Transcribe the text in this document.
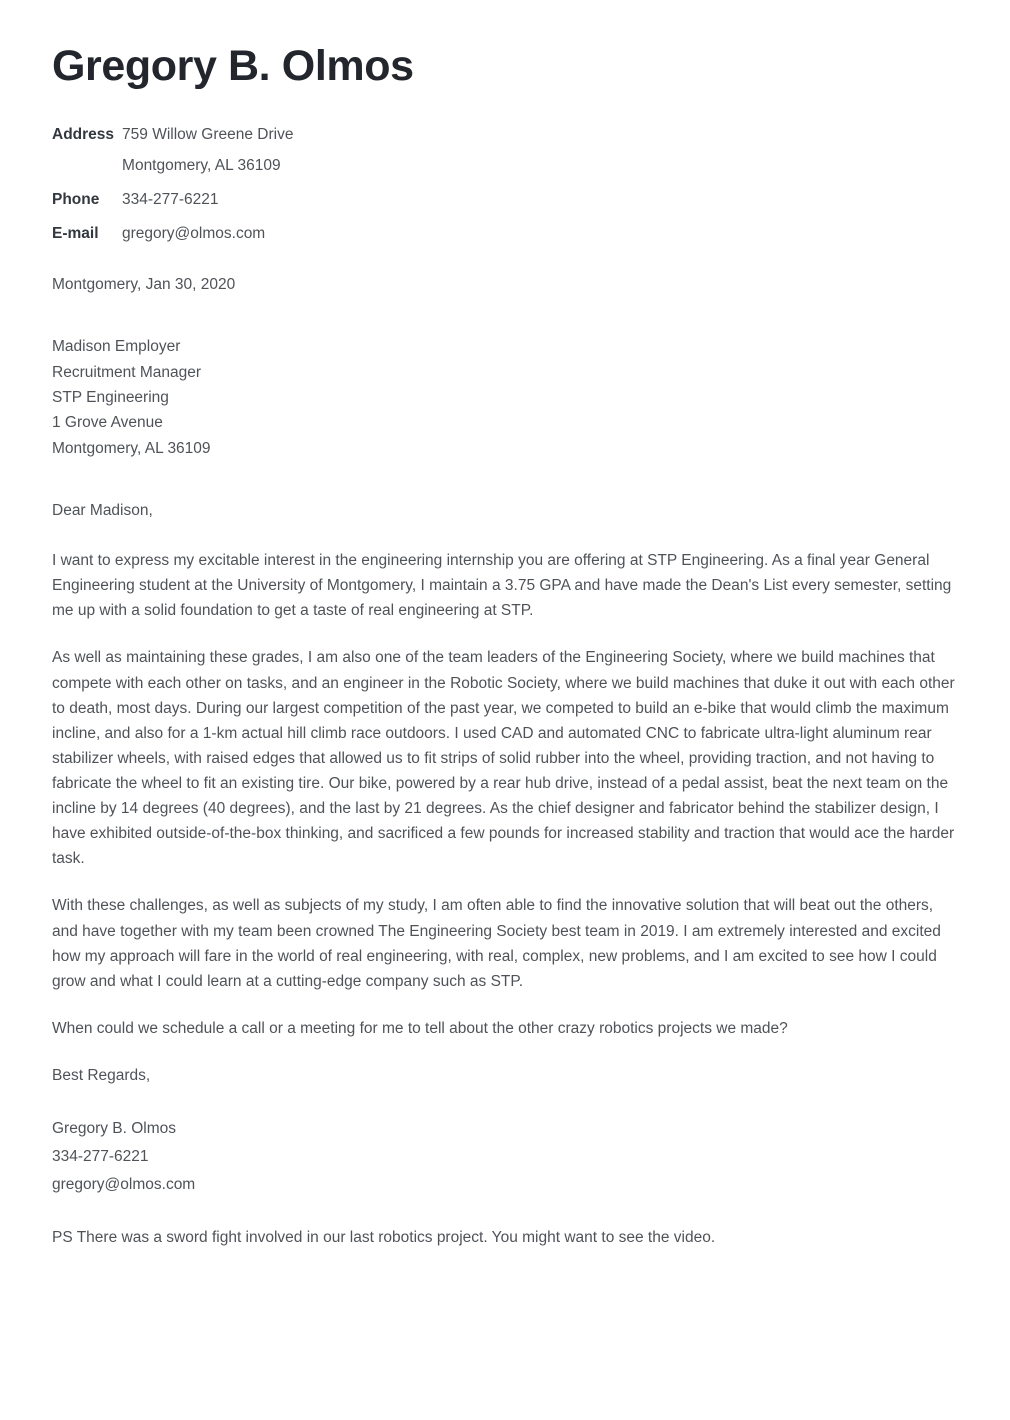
Gregory B. Olmos
Address 759 Willow Greene Drive
Montgomery, AL 36109
Phone	334-277-6221
E-mail	gregory@olmos.com
Montgomery, Jan 30, 2020
Madison Employer
Recruitment Manager
STP Engineering
1 Grove Avenue
Montgomery, AL 36109
Dear Madison,

I want to express my excitable interest in the engineering internship you are offering at STP Engineering. As a final year General Engineering student at the University of Montgomery, I maintain a 3.75 GPA and have made the Dean's List every semester, setting me up with a solid foundation to get a taste of real engineering at STP.

As well as maintaining these grades, I am also one of the team leaders of the Engineering Society, where we build machines that compete with each other on tasks, and an engineer in the Robotic Society, where we build machines that duke it out with each other to death, most days. During our largest competition of the past year, we competed to build an e-bike that would climb the maximum incline, and also for a 1-km actual hill climb race outdoors. I used CAD and automated CNC to fabricate ultra-light aluminum rear stabilizer wheels, with raised edges that allowed us to fit strips of solid rubber into the wheel, providing traction, and not having to fabricate the wheel to fit an existing tire. Our bike, powered by a rear hub drive, instead of a pedal assist, beat the next team on the incline by 14 degrees (40 degrees), and the last by 21 degrees. As the chief designer and fabricator behind the stabilizer design, I have exhibited outside-of-the-box thinking, and sacrificed a few pounds for increased stability and traction that would ace the harder task.

With these challenges, as well as subjects of my study, I am often able to find the innovative solution that will beat out the others, and have together with my team been crowned The Engineering Society best team in 2019. I am extremely interested and excited how my approach will fare in the world of real engineering, with real, complex, new problems, and I am excited to see how I could grow and what I could learn at a cutting-edge company such as STP.

When could we schedule a call or a meeting for me to tell about the other crazy robotics projects we made?

Best Regards,
Gregory B. Olmos
334-277-6221
gregory@olmos.com
PS There was a sword fight involved in our last robotics project. You might want to see the video.
